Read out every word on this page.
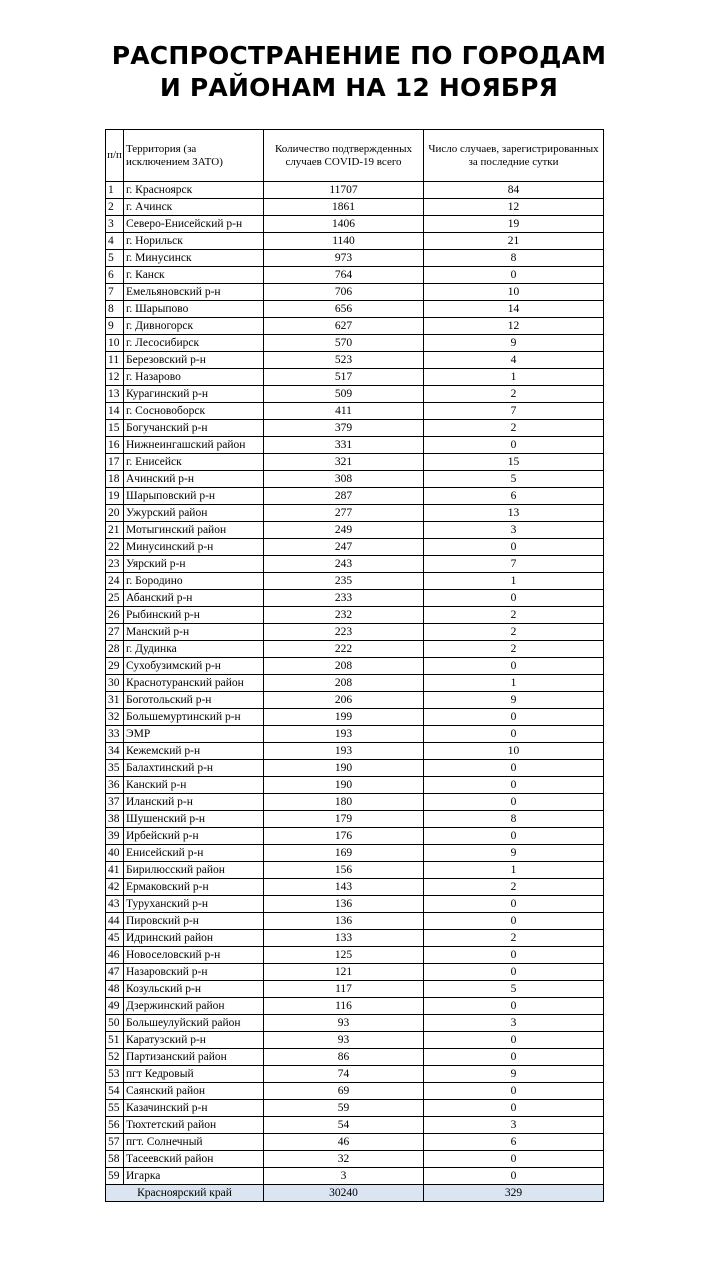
РАСПРОСТРАНЕНИЕ ПО ГОРОДАМ
И РАЙОНАМ НА 12 НОЯБРЯ
п/п	Территория (за исключением ЗАТО)	Количество подтвержденных случаев COVID-19 всего	Число случаев, зарегистрированных за последние сутки
1	г. Красноярск	11707	84
2	г. Ачинск	1861	12
3	Северо-Енисейский р-н	1406	19
4	г. Норильск	1140	21
5	г. Минусинск	973	8
6	г. Канск	764	0
7	Емельяновский р-н	706	10
8	г. Шарыпово	656	14
9	г. Дивногорск	627	12
10	г. Лесосибирск	570	9
11	Березовский р-н	523	4
12	г. Назарово	517	1
13	Курагинский р-н	509	2
14	г. Сосновоборск	411	7
15	Богучанский р-н	379	2
16	Нижнеингашский район	331	0
17	г. Енисейск	321	15
18	Ачинский р-н	308	5
19	Шарыповский р-н	287	6
20	Ужурский район	277	13
21	Мотыгинский район	249	3
22	Минусинский р-н	247	0
23	Уярский р-н	243	7
24	г. Бородино	235	1
25	Абанский р-н	233	0
26	Рыбинский р-н	232	2
27	Манский р-н	223	2
28	г. Дудинка	222	2
29	Сухобузимский р-н	208	0
30	Краснотуранский район	208	1
31	Боготольский р-н	206	9
32	Большемуртинский р-н	199	0
33	ЭМР	193	0
34	Кежемский р-н	193	10
35	Балахтинский р-н	190	0
36	Канский р-н	190	0
37	Иланский р-н	180	0
38	Шушенский р-н	179	8
39	Ирбейский р-н	176	0
40	Енисейский р-н	169	9
41	Бирилюсский район	156	1
42	Ермаковский р-н	143	2
43	Туруханский р-н	136	0
44	Пировский р-н	136	0
45	Идринский район	133	2
46	Новоселовский р-н	125	0
47	Назаровский р-н	121	0
48	Козульский р-н	117	5
49	Дзержинский район	116	0
50	Большеулуйский район	93	3
51	Каратузский р-н	93	0
52	Партизанский район	86	0
53	пгт Кедровый	74	9
54	Саянский район	69	0
55	Казачинский р-н	59	0
56	Тюхтетский район	54	3
57	пгт. Солнечный	46	6
58	Тасеевский район	32	0
59	Игарка	3	0
Красноярский край		30240	329
